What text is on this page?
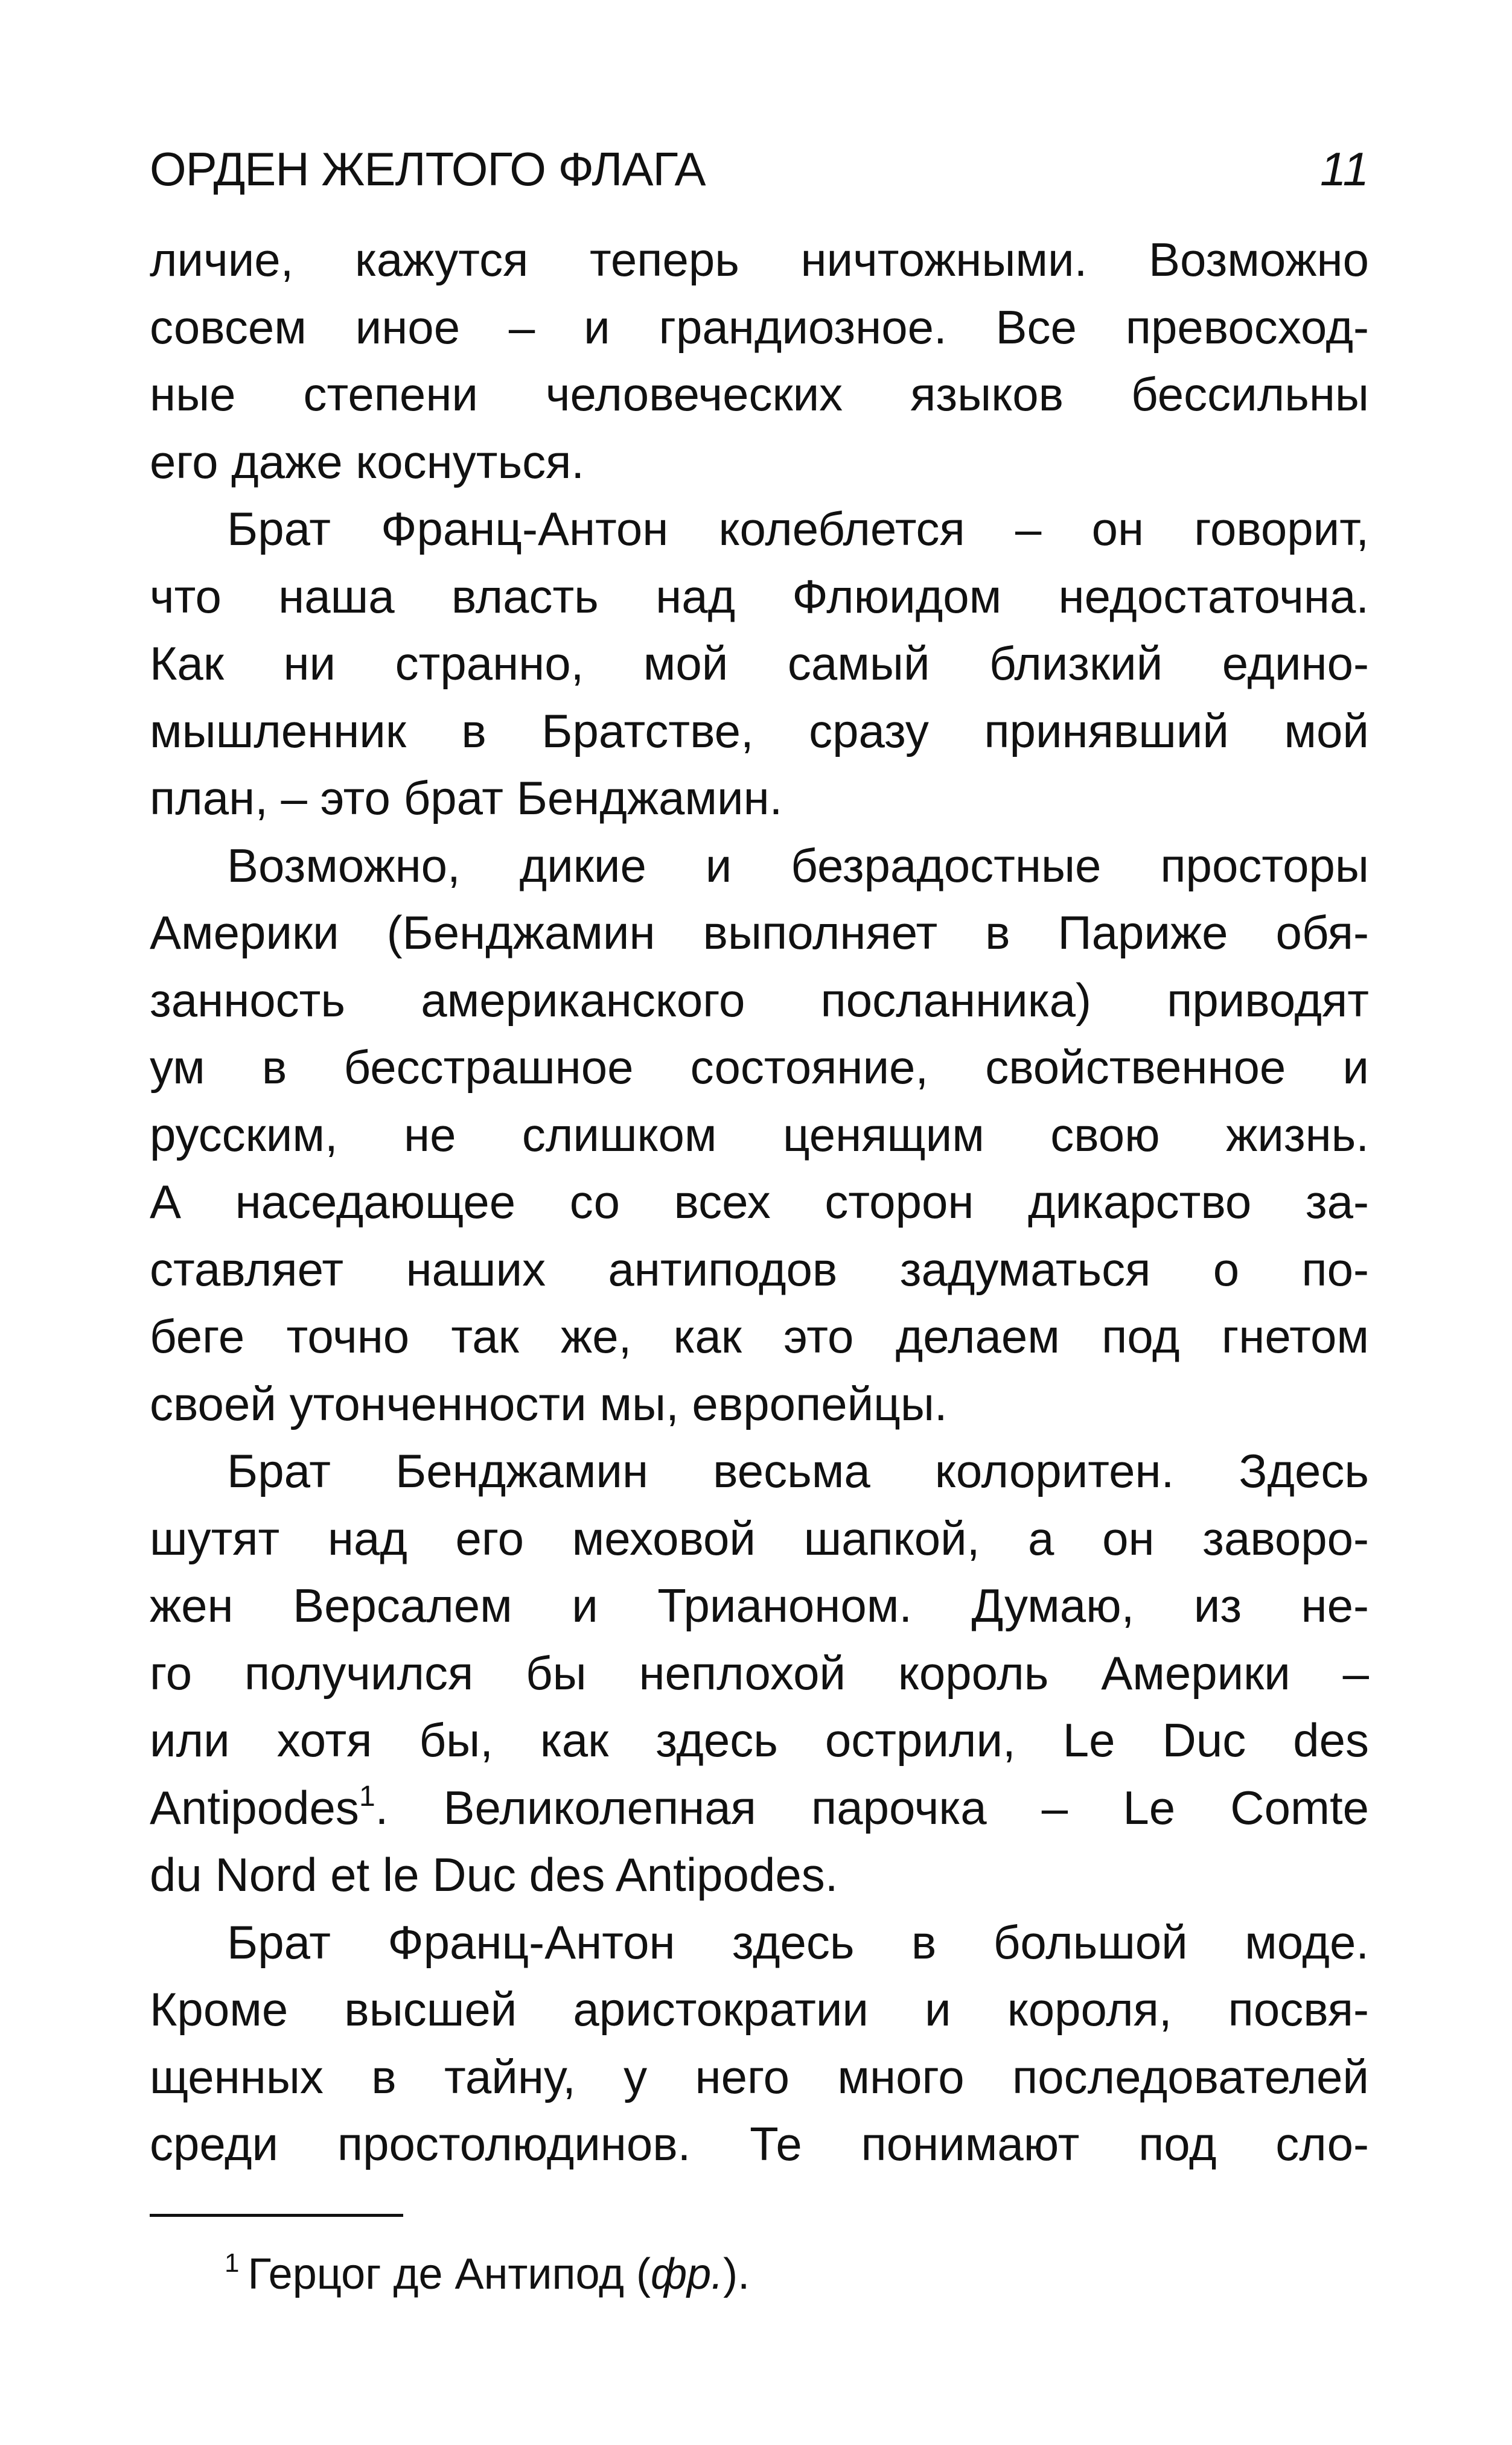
ОРДЕН ЖЕЛТОГО ФЛАГА	11
личие, кажутся теперь ничтожными. Возможно
совсем иное – и грандиозное. Все превосход-
ные степени человеческих языков бессильны
его даже коснуться.
Брат Франц-Антон колеблется – он говорит,
что наша власть над Флюидом недостаточна.
Как ни странно, мой самый близкий едино-
мышленник в Братстве, сразу принявший мой
план, – это брат Бенджамин.
Возможно, дикие и безрадостные просторы
Америки (Бенджамин выполняет в Париже обя-
занность американского посланника) приводят
ум в бесстрашное состояние, свойственное и
русским, не слишком ценящим свою жизнь.
А наседающее со всех сторон дикарство за-
ставляет наших антиподов задуматься о по-
беге точно так же, как это делаем под гнетом
своей утонченности мы, европейцы.
Брат Бенджамин весьма колоритен. Здесь
шутят над его меховой шапкой, а он заворо-
жен Версалем и Трианоном. Думаю, из не-
го получился бы неплохой король Америки –
или хотя бы, как здесь острили, Le Duc des
Antipodes$^1$. Великолепная парочка – Le Comte
du Nord et le Duc des Antipodes.
Брат Франц-Антон здесь в большой моде.
Кроме высшей аристократии и короля, посвя-
щенных в тайну, у него много последователей
среди простолюдинов. Те понимают под сло-
$^1$ Герцог де Антипод (фр.).
